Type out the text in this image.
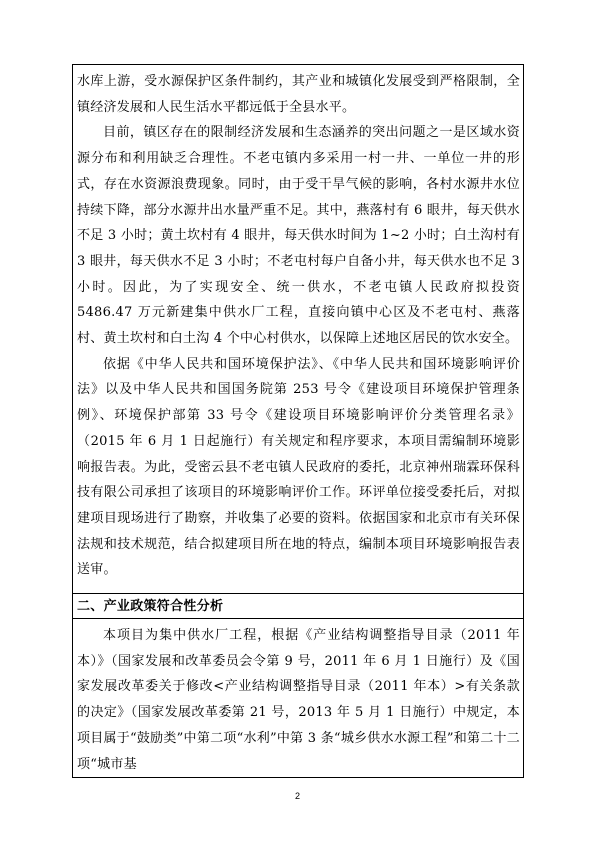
水库上游，受水源保护区条件制约，其产业和城镇化发展受到严格限制，全镇经济发展和人民生活水平都远低于全县水平。

目前，镇区存在的限制经济发展和生态涵养的突出问题之一是区域水资源分布和利用缺乏合理性。不老屯镇内多采用一村一井、一单位一井的形式，存在水资源浪费现象。同时，由于受干旱气候的影响，各村水源井水位持续下降，部分水源井出水量严重不足。其中，燕落村有 6 眼井，每天供水不足 3 小时；黄土坎村有 4 眼井，每天供水时间为 1~2 小时；白土沟村有 3 眼井，每天供水不足 3 小时；不老屯村每户自备小井，每天供水也不足 3 小时。因此，为了实现安全、统一供水，不老屯镇人民政府拟投资 5486.47 万元新建集中供水厂工程，直接向镇中心区及不老屯村、燕落村、黄土坎村和白土沟 4 个中心村供水，以保障上述地区居民的饮水安全。

依据《中华人民共和国环境保护法》、《中华人民共和国环境影响评价法》以及中华人民共和国国务院第 253 号令《建设项目环境保护管理条例》、环境保护部第 33 号令《建设项目环境影响评价分类管理名录》（2015 年 6 月 1 日起施行）有关规定和程序要求，本项目需编制环境影响报告表。为此，受密云县不老屯镇人民政府的委托，北京神州瑞霖环保科技有限公司承担了该项目的环境影响评价工作。环评单位接受委托后，对拟建项目现场进行了勘察，并收集了必要的资料。依据国家和北京市有关环保法规和技术规范，结合拟建项目所在地的特点，编制本项目环境影响报告表送审。

二、产业政策符合性分析

本项目为集中供水厂工程，根据《产业结构调整指导目录（2011 年本）》（国家发展和改革委员会令第 9 号，2011 年 6 月 1 日施行）及《国家发展改革委关于修改<产业结构调整指导目录（2011 年本）>有关条款的决定》（国家发展改革委第 21 号，2013 年 5 月 1 日施行）中规定，本项目属于“鼓励类”中第二项“水利”中第 3 条“城乡供水水源工程”和第二十二项“城市基

2
